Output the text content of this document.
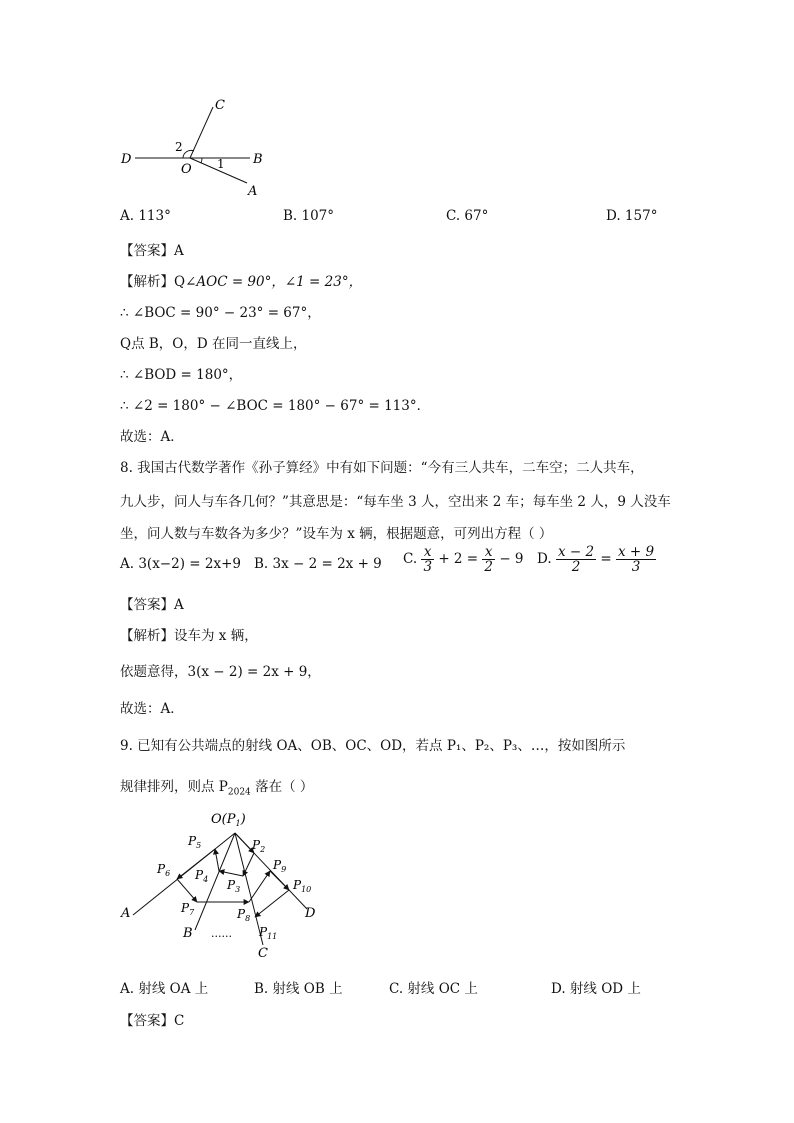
C
D
O
B
A
2
1
A. 113°	B. 107°	C. 67°	D. 157°
【答案】A
【解析】Q∠AOC = 90°，∠1 = 23°，
∴ ∠BOC = 90° − 23° = 67°，
Q点 B，O，D 在同一直线上，
∴ ∠BOD = 180°，
∴ ∠2 = 180° − ∠BOC = 180° − 67° = 113°．
故选：A．
8. 我国古代数学著作《孙子算经》中有如下问题：“今有三人共车，二车空；二人共车，
九人步，问人与车各几何？”其意思是：“每车坐 3 人，空出来 2 车；每车坐 2 人，9 人没车
坐，问人数与车数各为多少？”设车为 x 辆，根据题意，可列出方程（ ）
A. 3(x−2) = 2x+9 B. 3x − 2 = 2x + 9 C. $\frac{x}{3} + 2 = \frac{x}{2} - 9$ D. $\frac{x - 2}{2} = \frac{x + 9}{3}$
【答案】A
【解析】设车为 x 辆，
依题意得，3(x − 2) = 2x + 9，
故选：A．
9. 已知有公共端点的射线 OA、OB、OC、OD，若点 P₁、P₂、P₃、…，按如图所示
规律排列，则点 $P_{2024}$ 落在（ ）
$O(P_1)$
$P_2$
$P_3$
$P_4$
$P_5$
$P_6$
$P_7$	$P_8$
$P_9$
$P_{10}$
$P_{11}$
A
B
C
D
......
A. 射线 OA 上	B. 射线 OB 上	C. 射线 OC 上	D. 射线 OD 上
【答案】C
